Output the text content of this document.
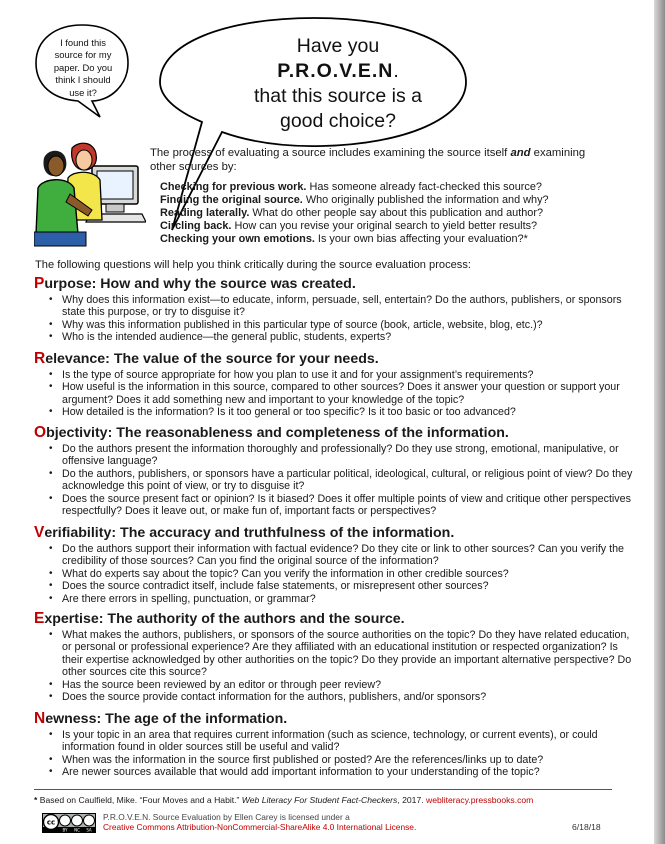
I found this
source for my
paper. Do you
think I should
use it?
Have you
P.R.O.V.E.N.
that this source is a
good choice?
The process of evaluating a source includes examining the source itself and examining other sources by:
Checking for previous work. Has someone already fact-checked this source?
Finding the original source. Who originally published the information and why?
Reading laterally. What do other people say about this publication and author?
Circling back. How can you revise your original search to yield better results?
Checking your own emotions. Is your own bias affecting your evaluation?*
The following questions will help you think critically during the source evaluation process:
Purpose: How and why the source was created.
• Why does this information exist—to educate, inform, persuade, sell, entertain? Do the authors, publishers, or sponsors state this purpose, or try to disguise it?
• Why was this information published in this particular type of source (book, article, website, blog, etc.)?
• Who is the intended audience—the general public, students, experts?
Relevance: The value of the source for your needs.
• Is the type of source appropriate for how you plan to use it and for your assignment’s requirements?
• How useful is the information in this source, compared to other sources? Does it answer your question or support your argument? Does it add something new and important to your knowledge of the topic?
• How detailed is the information? Is it too general or too specific? Is it too basic or too advanced?
Objectivity: The reasonableness and completeness of the information.
• Do the authors present the information thoroughly and professionally? Do they use strong, emotional, manipulative, or offensive language?
• Do the authors, publishers, or sponsors have a particular political, ideological, cultural, or religious point of view? Do they acknowledge this point of view, or try to disguise it?
• Does the source present fact or opinion? Is it biased? Does it offer multiple points of view and critique other perspectives respectfully? Does it leave out, or make fun of, important facts or perspectives?
Verifiability: The accuracy and truthfulness of the information.
• Do the authors support their information with factual evidence? Do they cite or link to other sources? Can you verify the credibility of those sources? Can you find the original source of the information?
• What do experts say about the topic? Can you verify the information in other credible sources?
• Does the source contradict itself, include false statements, or misrepresent other sources?
• Are there errors in spelling, punctuation, or grammar?
Expertise: The authority of the authors and the source.
• What makes the authors, publishers, or sponsors of the source authorities on the topic? Do they have related education, or personal or professional experience? Are they affiliated with an educational institution or respected organization? Is their expertise acknowledged by other authorities on the topic? Do they provide an important alternative perspective? Do other sources cite this source?
• Has the source been reviewed by an editor or through peer review?
• Does the source provide contact information for the authors, publishers, and/or sponsors?
Newness: The age of the information.
• Is your topic in an area that requires current information (such as science, technology, or current events), or could information found in older sources still be useful and valid?
• When was the information in the source first published or posted? Are the references/links up to date?
• Are newer sources available that would add important information to your understanding of the topic?
* Based on Caulfield, Mike. “Four Moves and a Habit.” Web Literacy For Student Fact-Checkers, 2017. webliteracy.pressbooks.com
cc
BY NC SA
P.R.O.V.E.N. Source Evaluation by Ellen Carey is licensed under a
Creative Commons Attribution-NonCommercial-ShareAlike 4.0 International License.	6/18/18
